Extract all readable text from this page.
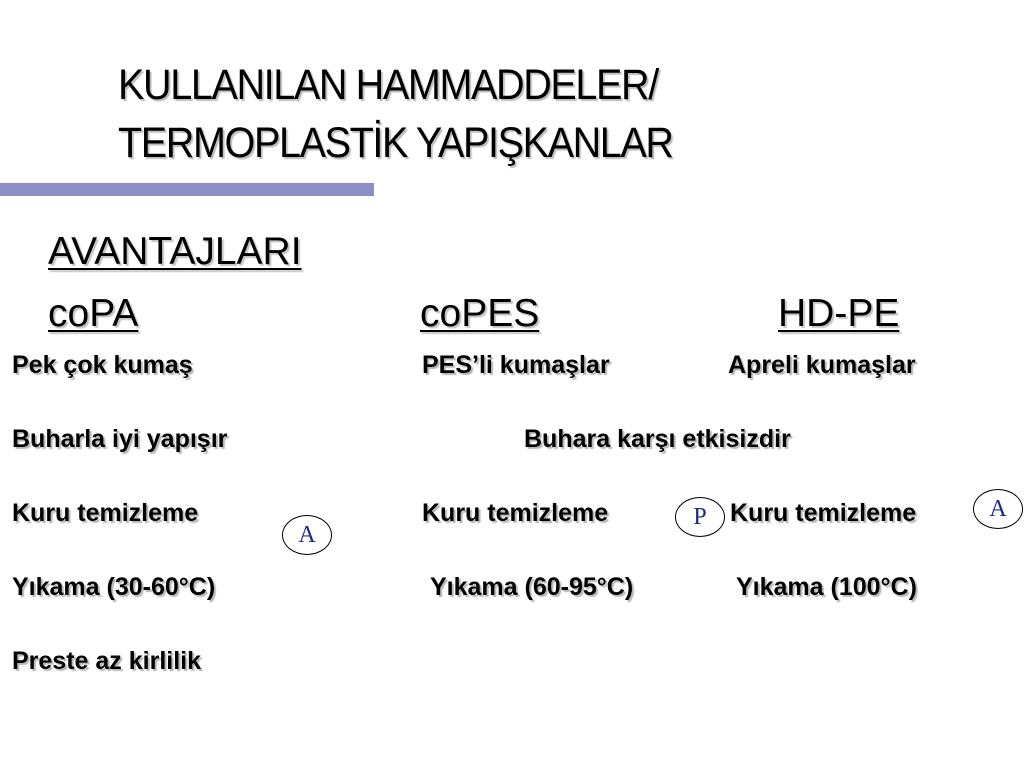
KULLANILAN HAMMADDELER/
TERMOPLASTİK YAPIŞKANLAR
AVANTAJLARI
coPA	coPES	HD-PE
Pek çok kumaş	PES’li kumaşlar	Apreli kumaşlar
Buharla iyi yapışır	Buhara karşı etkisizdir
Kuru temizleme	Kuru temizleme	Kuru temizleme
Yıkama (30-60°C)	Yıkama (60-95°C)	Yıkama (100°C)
Preste az kirlilik
A
P	A
